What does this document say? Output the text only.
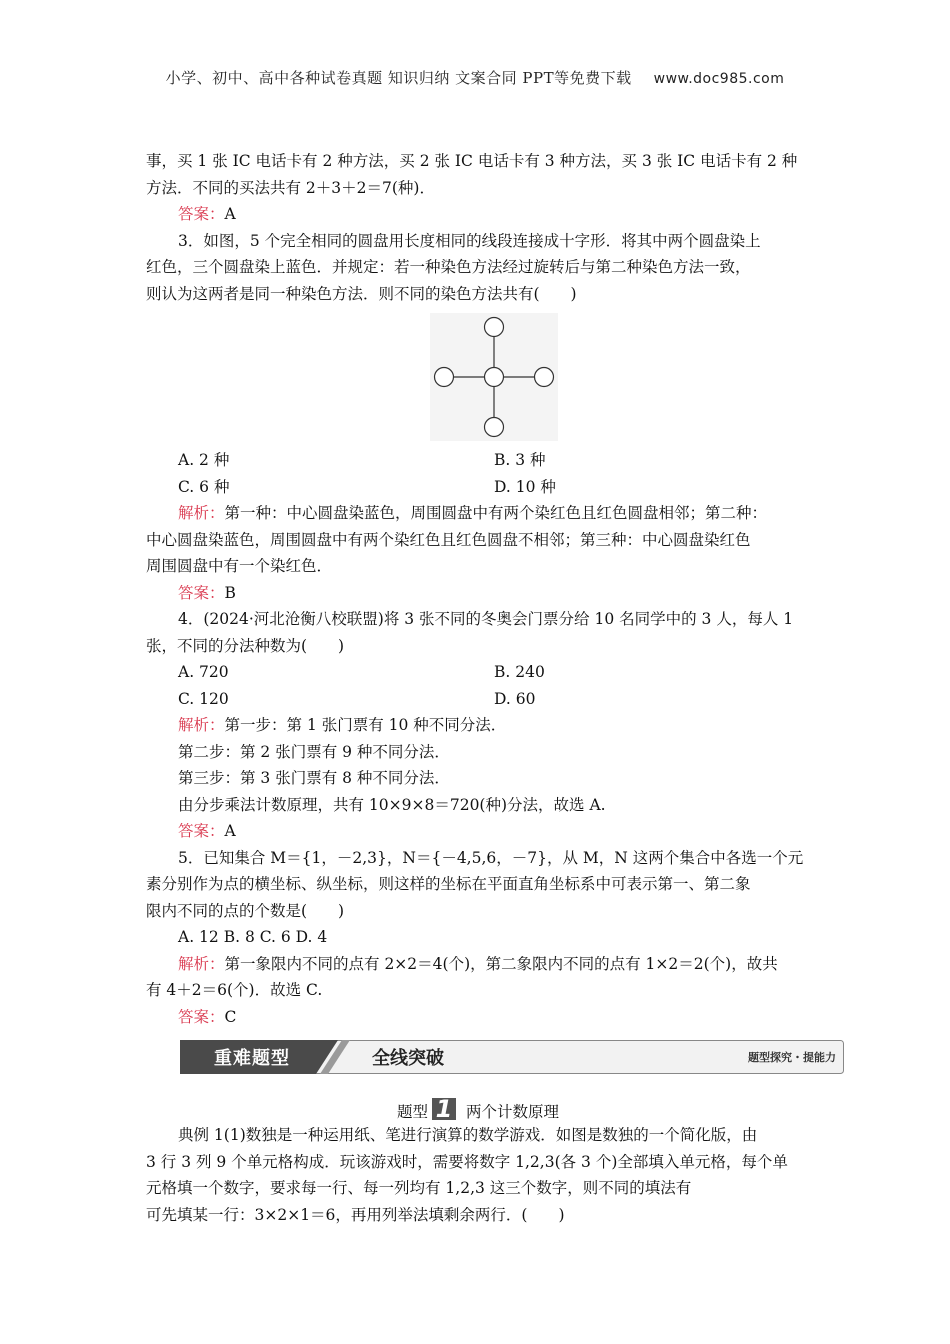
小学、初中、高中各种试卷真题 知识归纳 文案合同 PPT等免费下载 www.doc985.com
事，买 1 张 IC 电话卡有 2 种方法，买 2 张 IC 电话卡有 3 种方法，买 3 张 IC 电话卡有 2 种
方法．不同的买法共有 2＋3＋2＝7(种)．
答案：A
3．如图，5 个完全相同的圆盘用长度相同的线段连接成十字形．将其中两个圆盘染上
红色，三个圆盘染上蓝色．并规定：若一种染色方法经过旋转后与第二种染色方法一致，
则认为这两者是同一种染色方法．则不同的染色方法共有(　　)
A. 2 种	B. 3 种
C. 6 种	D. 10 种
解析：第一种：中心圆盘染蓝色，周围圆盘中有两个染红色且红色圆盘相邻；第二种：
中心圆盘染蓝色，周围圆盘中有两个染红色且红色圆盘不相邻；第三种：中心圆盘染红色
周围圆盘中有一个染红色．
答案：B
4．(2024·河北沧衡八校联盟)将 3 张不同的冬奥会门票分给 10 名同学中的 3 人，每人 1
张，不同的分法种数为(　　)
A. 720	B. 240
C. 120	D. 60
解析：第一步：第 1 张门票有 10 种不同分法．
第二步：第 2 张门票有 9 种不同分法．
第三步：第 3 张门票有 8 种不同分法．
由分步乘法计数原理，共有 10×9×8＝720(种)分法，故选 A.
答案：A
5．已知集合 M＝{1，－2,3}，N＝{－4,5,6，－7}，从 M，N 这两个集合中各选一个元
素分别作为点的横坐标、纵坐标，则这样的坐标在平面直角坐标系中可表示第一、第二象
限内不同的点的个数是(　　)
A. 12 B. 8 C. 6 D. 4
解析：第一象限内不同的点有 2×2＝4(个)，第二象限内不同的点有 1×2＝2(个)，故共
有 4＋2＝6(个)．故选 C.
答案：C
重难题型	全线突破	题型探究・提能力
题型 1 两个计数原理
典例 1(1)数独是一种运用纸、笔进行演算的数学游戏．如图是数独的一个简化版，由
3 行 3 列 9 个单元格构成．玩该游戏时，需要将数字 1,2,3(各 3 个)全部填入单元格，每个单
元格填一个数字，要求每一行、每一列均有 1,2,3 这三个数字，则不同的填法有
可先填某一行：3×2×1＝6，再用列举法填剩余两行．(　　)
